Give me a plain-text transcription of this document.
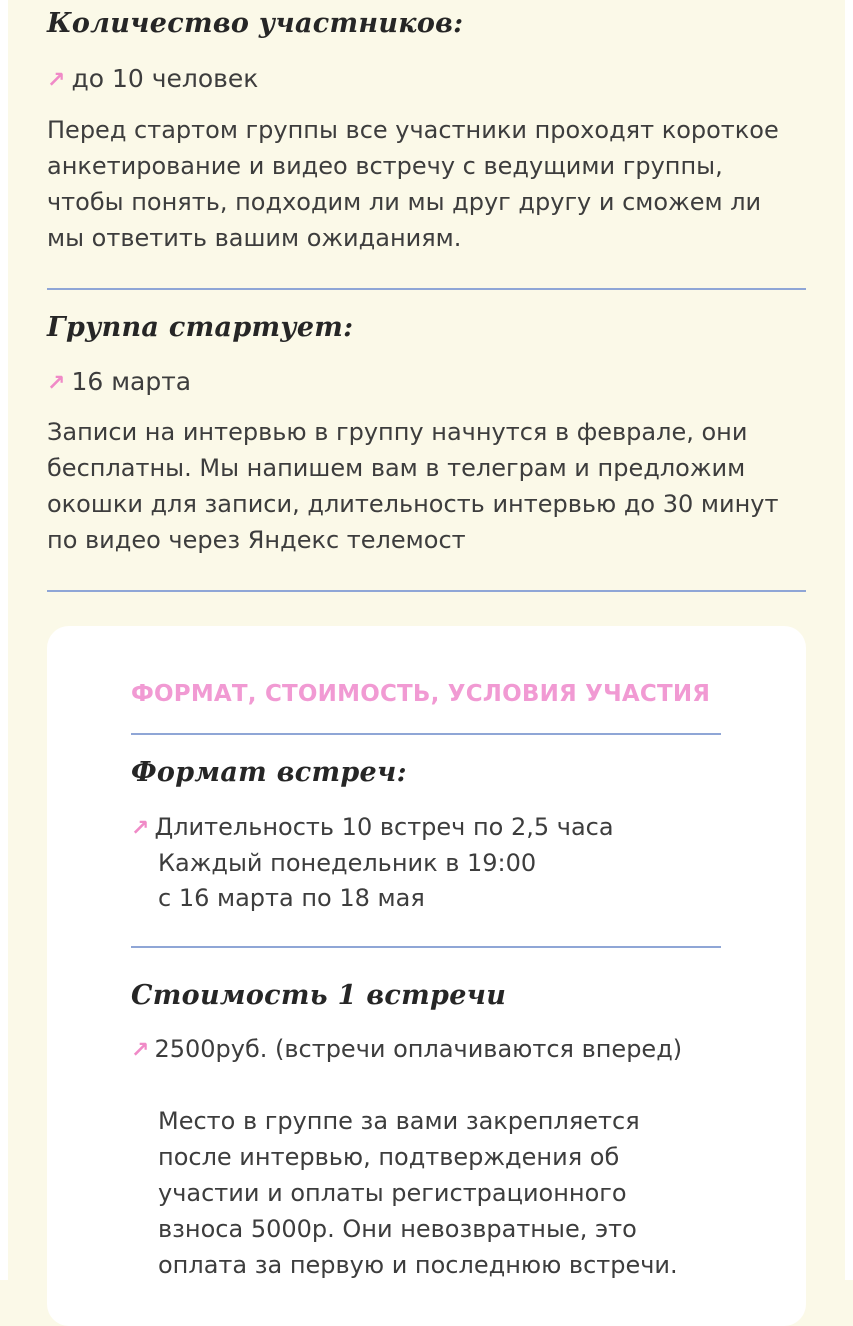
Количество участников:
↗ до 10 человек
Перед стартом группы все участники проходят короткое
анкетирование и видео встречу с ведущими группы,
чтобы понять, подходим ли мы друг другу и сможем ли
мы ответить вашим ожиданиям.
Группа стартует:
↗ 16 марта
Записи на интервью в группу начнутся в феврале, они
бесплатны. Мы напишем вам в телеграм и предложим
окошки для записи, длительность интервью до 30 минут
по видео через Яндекс телемост
ФОРМАТ, СТОИМОСТЬ, УСЛОВИЯ УЧАСТИЯ
Формат встреч:
↗ Длительность 10 встреч по 2,5 часа
Каждый понедельник в 19:00
с 16 марта по 18 мая
Стоимость 1 встречи
↗ 2500руб. (встречи оплачиваются вперед)
Место в группе за вами закрепляется
после интервью, подтверждения об
участии и оплаты регистрационного
взноса 5000р. Они невозвратные, это
оплата за первую и последнюю встречи.
